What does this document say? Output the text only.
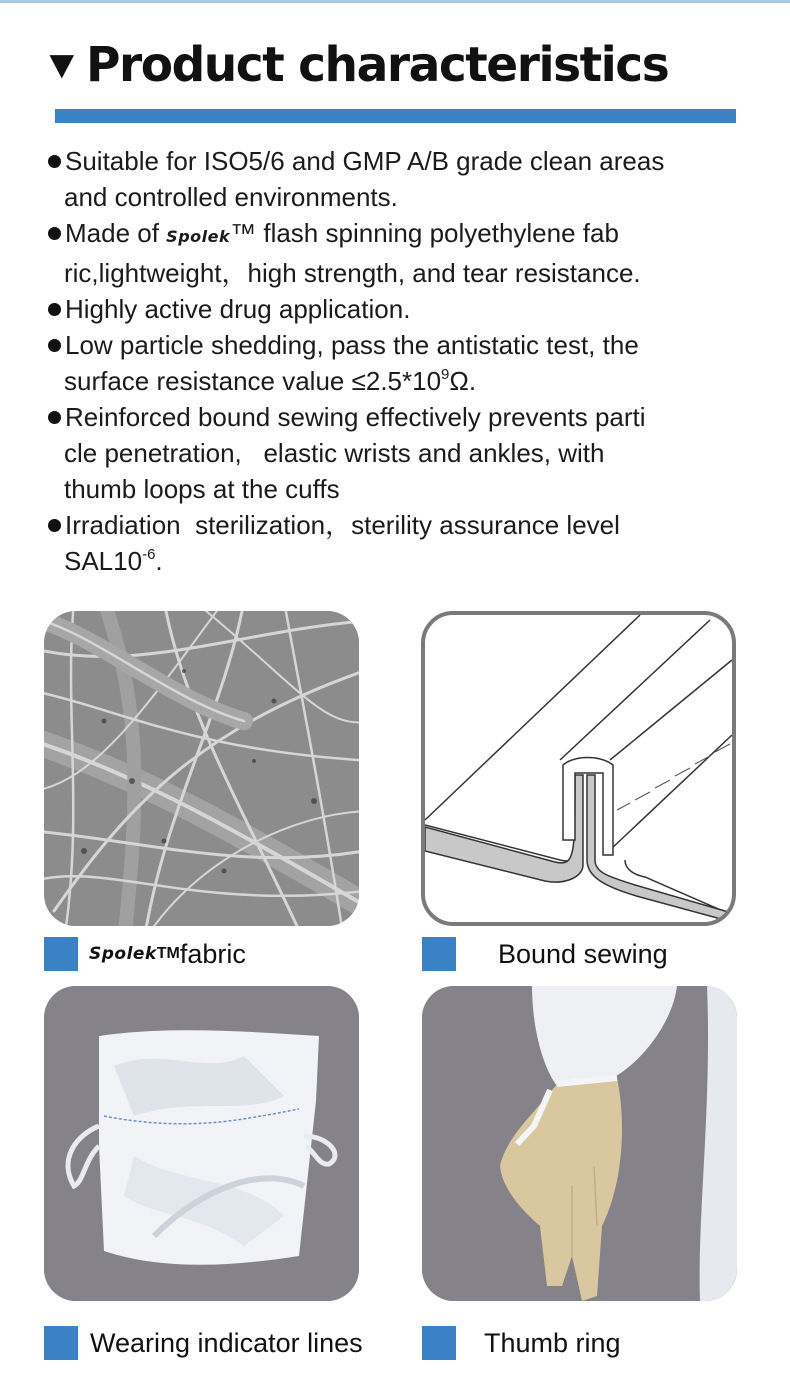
▼ Product characteristics

Suitable for ISO5/6 and GMP A/B grade clean areas

and controlled environments.

Made of Spolek™ flash spinning polyethylene fab

ric,lightweight，high strength, and tear resistance.

Highly active drug application.

Low particle shedding, pass the antistatic test, the

surface resistance value $\le 2.5*10^9\Omega$.

Reinforced bound sewing effectively prevents parti

cle penetration,   elastic wrists and ankles, with

thumb loops at the cuffs

Irradiation  sterilization，sterility assurance level

$SAL10^{-6}$.

Spolek TM fabric	Bound sewing
Wearing indicator lines	Thumb ring
